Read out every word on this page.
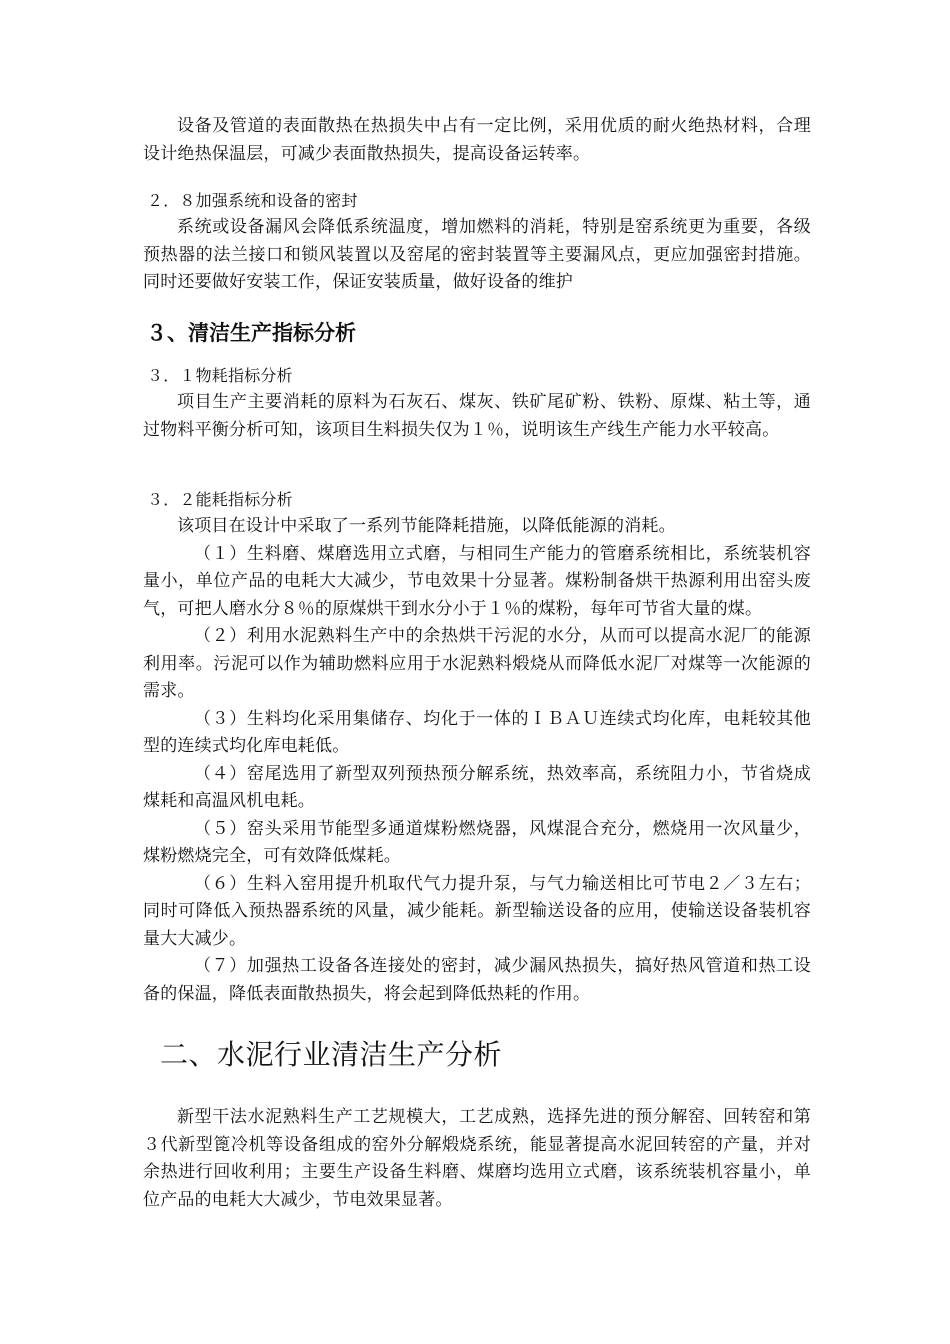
设备及管道的表面散热在热损失中占有一定比例，采用优质的耐火绝热材料，合理设计绝热保温层，可减少表面散热损失，提高设备运转率。

２．８加强系统和设备的密封

系统或设备漏风会降低系统温度，增加燃料的消耗，特别是窑系统更为重要，各级预热器的法兰接口和锁风装置以及窑尾的密封装置等主要漏风点，更应加强密封措施。同时还要做好安装工作，保证安装质量，做好设备的维护

３、清洁生产指标分析

３．１物耗指标分析

项目生产主要消耗的原料为石灰石、煤灰、铁矿尾矿粉、铁粉、原煤、粘土等，通过物料平衡分析可知，该项目生料损失仅为１％，说明该生产线生产能力水平较高。

３．２能耗指标分析

该项目在设计中采取了一系列节能降耗措施，以降低能源的消耗。

（１）生料磨、煤磨选用立式磨，与相同生产能力的管磨系统相比，系统装机容量小，单位产品的电耗大大减少，节电效果十分显著。煤粉制备烘干热源利用出窑头废气，可把人磨水分８％的原煤烘干到水分小于１％的煤粉，每年可节省大量的煤。

（２）利用水泥熟料生产中的余热烘干污泥的水分，从而可以提高水泥厂的能源利用率。污泥可以作为辅助燃料应用于水泥熟料煅烧从而降低水泥厂对煤等一次能源的需求。

（３）生料均化采用集储存、均化于一体的ＩＢＡＵ连续式均化库，电耗较其他型的连续式均化库电耗低。

（４）窑尾选用了新型双列预热预分解系统，热效率高，系统阻力小，节省烧成煤耗和高温风机电耗。

（５）窑头采用节能型多通道煤粉燃烧器，风煤混合充分，燃烧用一次风量少，煤粉燃烧完全，可有效降低煤耗。

（６）生料入窑用提升机取代气力提升泵，与气力输送相比可节电２／３左右；同时可降低入预热器系统的风量，减少能耗。新型输送设备的应用，使输送设备装机容量大大减少。

（７）加强热工设备各连接处的密封，减少漏风热损失，搞好热风管道和热工设备的保温，降低表面散热损失，将会起到降低热耗的作用。

二、水泥行业清洁生产分析

新型干法水泥熟料生产工艺规模大，工艺成熟，选择先进的预分解窑、回转窑和第３代新型篦冷机等设备组成的窑外分解煅烧系统，能显著提高水泥回转窑的产量，并对余热进行回收利用；主要生产设备生料磨、煤磨均选用立式磨，该系统装机容量小，单位产品的电耗大大减少，节电效果显著。
